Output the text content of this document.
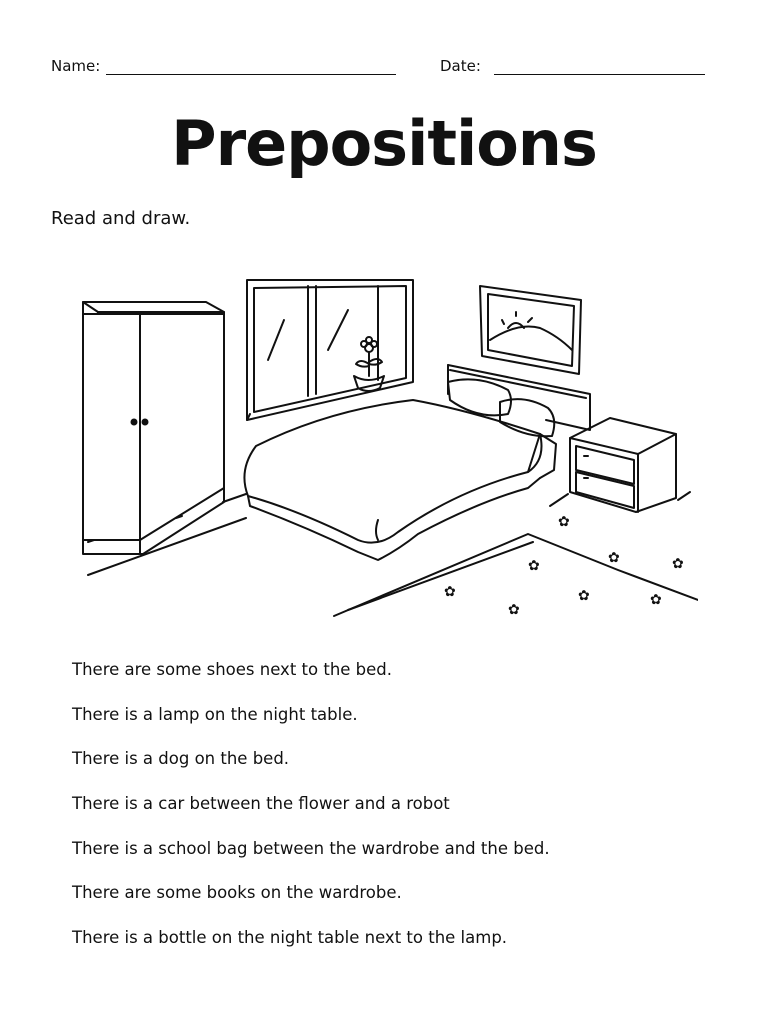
Name:	Date:
Prepositions
Read and draw.
✿
✿	✿	✿
✿
✿
✿	✿
There are some shoes next to the bed.
There is a lamp on the night table.
There is a dog on the bed.
There is a car between the flower and a robot
There is a school bag between the wardrobe and the bed.
There are some books on the wardrobe.
There is a bottle on the night table next to the lamp.
